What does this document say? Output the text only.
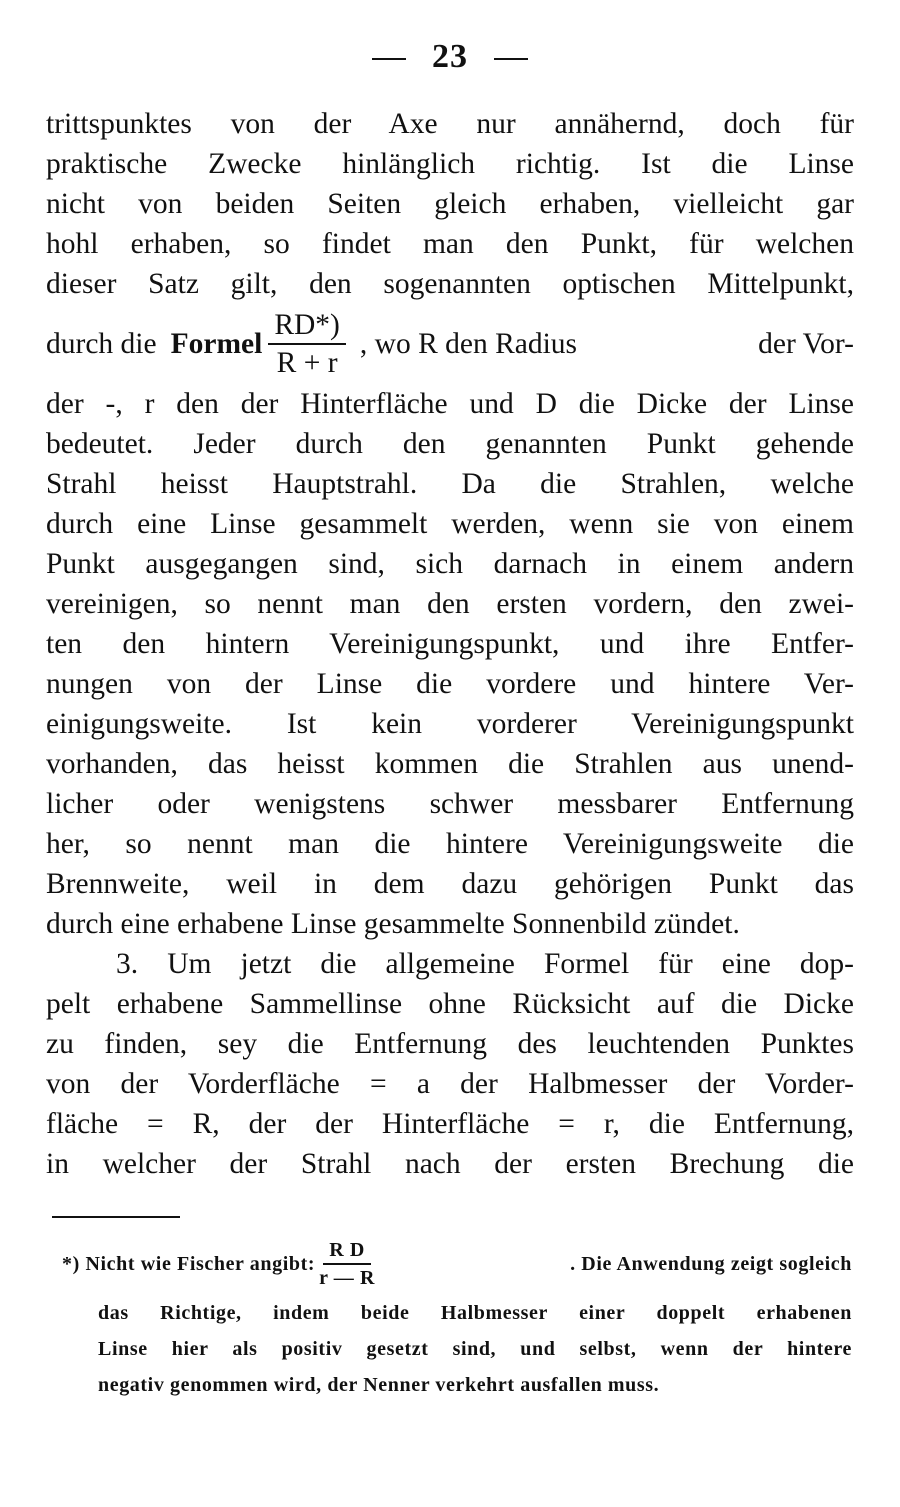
23
trittspunktes von der Axe nur annähernd, doch für
praktische Zwecke hinlänglich richtig. Ist die Linse
nicht von beiden Seiten gleich erhaben, vielleicht gar
hohl erhaben, so findet man den Punkt, für welchen
dieser Satz gilt, den sogenannten optischen Mittelpunkt,
durch die Formel $\frac{RD*)}{R + r}$ , wo R den Radius	der Vor-
der -, r den der Hinterfläche und D die Dicke der Linse
bedeutet. Jeder durch den genannten Punkt gehende
Strahl heisst Hauptstrahl. Da die Strahlen, welche
durch eine Linse gesammelt werden, wenn sie von einem
Punkt ausgegangen sind, sich darnach in einem andern
vereinigen, so nennt man den ersten vordern, den zwei-
ten den hintern Vereinigungspunkt, und ihre Entfer-
nungen von der Linse die vordere und hintere Ver-
einigungsweite. Ist kein vorderer Vereinigungspunkt
vorhanden, das heisst kommen die Strahlen aus unend-
licher oder wenigstens schwer messbarer Entfernung
her, so nennt man die hintere Vereinigungsweite die
Brennweite, weil in dem dazu gehörigen Punkt das
durch eine erhabene Linse gesammelte Sonnenbild zündet.
3. Um jetzt die allgemeine Formel für eine dop-
pelt erhabene Sammellinse ohne Rücksicht auf die Dicke
zu finden, sey die Entfernung des leuchtenden Punktes
von der Vorderfläche = a der Halbmesser der Vorder-
fläche = R, der der Hinterfläche = r, die Entfernung,
in welcher der Strahl nach der ersten Brechung die
*)
Nicht wie Fischer angibt: $\frac{\text{R D}}{r — R}$	. Die Anwendung zeigt sogleich
das Richtige, indem beide Halbmesser einer doppelt erhabenen
Linse hier als positiv gesetzt sind, und selbst, wenn der hintere
negativ genommen wird, der Nenner verkehrt ausfallen muss.
